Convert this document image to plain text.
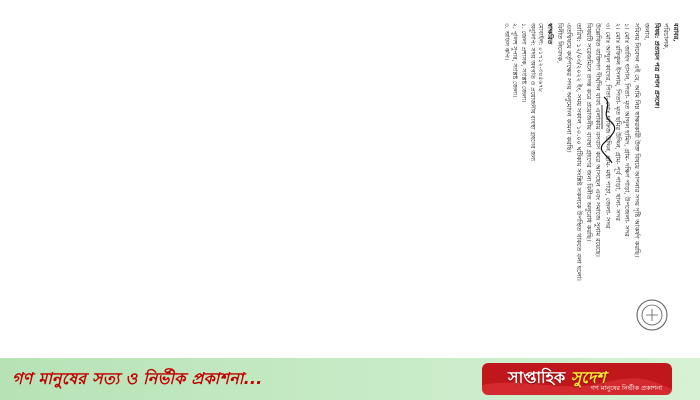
বরাবর,

পরিচালক,

বিষয়: প্রত্যয়ন পত্র প্রদান প্রসঙ্গে।

জনাব,

সবিনয় নিবেদন এই যে, আমি নিম্ন স্বাক্ষরকারী উক্ত বিষয়ে আপনার সদয় দৃষ্টি আকর্ষণ করছি।

১। মোঃ জাহিদ হাসান, পিতা- মৃত আব্দুল হামিদ, গ্রাম- দক্ষিণ পাড়া, উপজেলা- সদর

২। মোঃ রফিকুল ইসলাম, পিতা- মৃত ছমির উদ্দিন, গ্রাম- পূর্ব পাড়া, থানা- সদর

৩। মোঃ আব্দুল কাদের, পিতা- মোঃ হাফিজ উদ্দিন, গ্রাম- মধ্য পাড়া, জেলা- সদর

উল্লেখিত ব্যক্তিগণ দীর্ঘদিন যাবৎ এলাকায় বসবাস করে আসছেন এবং সমাজে সুনাম রয়েছে।

বিষয়টি সরেজমিনে তদন্ত করে প্রয়োজনীয় ব্যবস্থা গ্রহণের জন্য বিনীত অনুরোধ করছি।

তারিখ: ১২/০৩/২০২২ ইং, সময় সকাল ১০.০০ ঘটিকায় সংশ্লিষ্ট সকলকে উপস্থিত থাকতে বলা হলো।

এতদ্বিষয়ে কর্তৃপক্ষের সদয় অনুমোদন কামনা করছি।

বিনীত নিবেদক,

স্বাক্ষরিত

মোবাইল: ০১৭১২-৩৪৫৬৭৮

অনুলিপি: সদয় অবগতি ও প্রয়োজনীয় ব্যবস্থা গ্রহণের জন্য

১. জেলা প্রশাসক, সংশ্লিষ্ট জেলা।

২. পুলিশ সুপার, সংশ্লিষ্ট জেলা।

৩. অফিস কপি।

গণ মানুষের সত্য ও নির্ভীক প্রকাশনা...	সাপ্তাহিক সুদেশ
গণ মানুষের নির্ভীক প্রকাশনা
